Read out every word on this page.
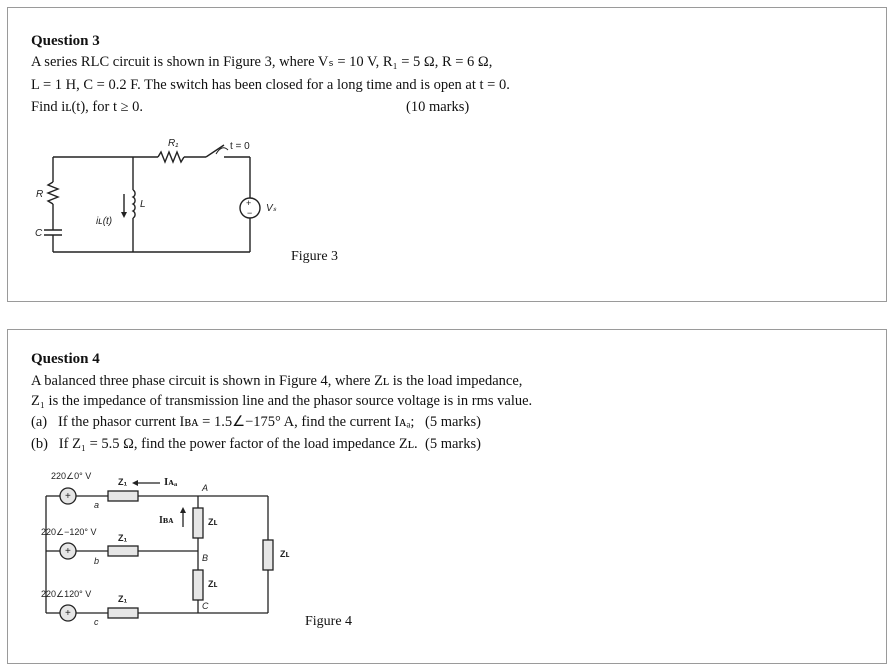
Question 3
A series RLC circuit is shown in Figure 3, where Vₛ = 10 V, R₁ = 5 Ω, R = 6 Ω,
L = 1 H, C = 0.2 F. The switch has been closed for a long time and is open at t = 0.
Find iʟ(t), for t ≥ 0.	(10 marks)
R₁	t = 0
R
C
L
iʟ(t)
Vₛ
+
−
Figure 3
Question 4
A balanced three phase circuit is shown in Figure 4, where Zʟ is the load impedance,
Z₁ is the impedance of transmission line and the phasor source voltage is in rms value.
(a)   If the phasor current Iʙᴀ = 1.5∠−175° A, find the current Iᴀₐ; (5 marks)
(b)   If Z₁ = 5.5 Ω, find the power factor of the load impedance Zʟ. (5 marks)
+
+
+
220∠0° V
220∠−120° V
220∠120° V
a
b
c
Z₁
Z₁
Z₁
Iᴀₐ
Iʙᴀ
A
B
C
Zʟ
Zʟ
Zʟ
Figure 4
